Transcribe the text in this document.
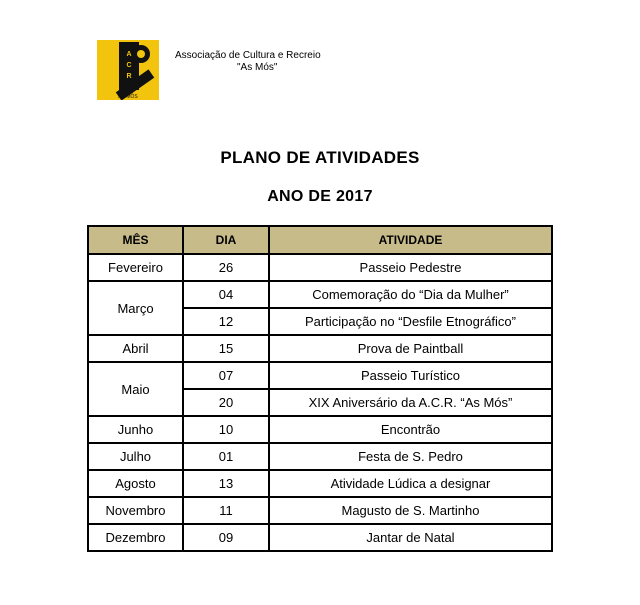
A
C
R
AS MÓS
Associação de Cultura e Recreio
"As Mós"
PLANO DE ATIVIDADES
ANO DE 2017
MÊS	DIA	ATIVIDADE
Fevereiro	26	Passeio Pedestre
Março	04	Comemoração do “Dia da Mulher”
	12	Participação no “Desfile Etnográfico”
Abril	15	Prova de Paintball
Maio	07	Passeio Turístico
	20	XIX Aniversário da A.C.R. “As Mós”
Junho	10	Encontrão
Julho	01	Festa de S. Pedro
Agosto	13	Atividade Lúdica a designar
Novembro	11	Magusto de S. Martinho
Dezembro	09	Jantar de Natal
